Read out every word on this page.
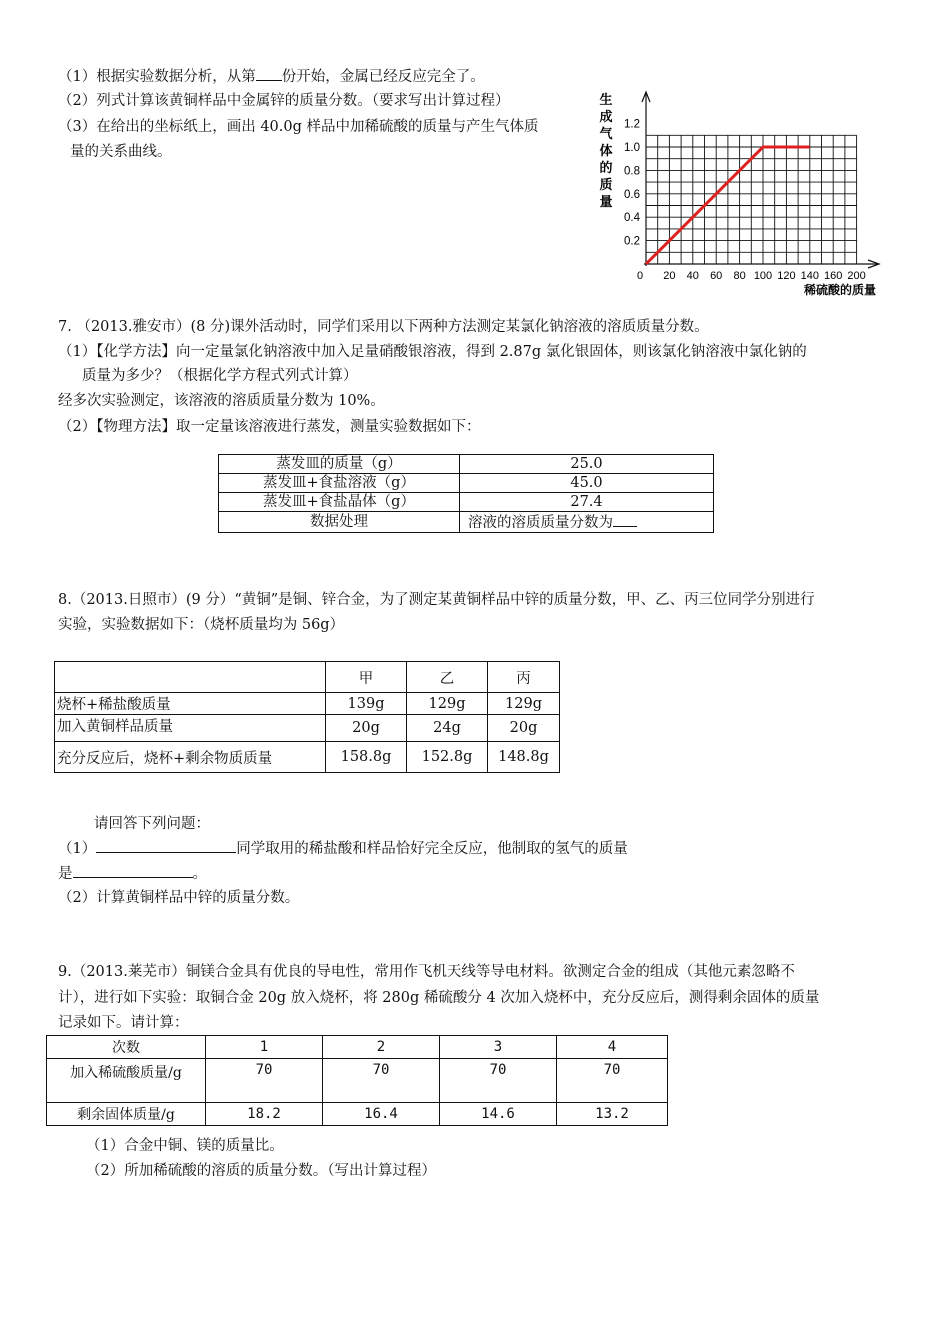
（1）根据实验数据分析，从第 份开始，金属已经反应完全了。
（2）列式计算该黄铜样品中金属锌的质量分数。（要求写出计算过程）
（3）在给出的坐标纸上，画出 40.0g 样品中加稀硫酸的质量与产生气体质
量的关系曲线。
生
成
气
体
的
质
量
0.2
0.4
0.6
0.8
1.0
1.2
0 20 40 60 80 100 120 140 160 200
稀硫酸的质量
7. （2013.雅安市）(8 分)课外活动时，同学们采用以下两种方法测定某氯化钠溶液的溶质质量分数。
（1）【化学方法】向一定量氯化钠溶液中加入足量硝酸银溶液，得到 2.87g 氯化银固体，则该氯化钠溶液中氯化钠的
质量为多少？（根据化学方程式列式计算）
经多次实验测定，该溶液的溶质质量分数为 10%。
（2）【物理方法】取一定量该溶液进行蒸发，测量实验数据如下：
蒸发皿的质量（g）	25.0
蒸发皿+食盐溶液（g）	45.0
蒸发皿+食盐晶体（g）	27.4
数据处理	溶液的溶质质量分数为
8.（2013.日照市）(9 分）“黄铜”是铜、锌合金，为了测定某黄铜样品中锌的质量分数，甲、乙、丙三位同学分别进行
实验，实验数据如下：（烧杯质量均为 56g）
	甲	乙	丙
烧杯+稀盐酸质量	139g	129g	129g
加入黄铜样品质量	20g	24g	20g
充分反应后，烧杯+剩余物质质量	158.8g	152.8g	148.8g
请回答下列问题：
（1）	同学取用的稀盐酸和样品恰好完全反应，他制取的氢气的质量
是	。
（2）计算黄铜样品中锌的质量分数。
9.（2013.莱芜市）铜镁合金具有优良的导电性，常用作飞机天线等导电材料。欲测定合金的组成（其他元素忽略不
计），进行如下实验：取铜合金 20g 放入烧杯，将 280g 稀硫酸分 4 次加入烧杯中，充分反应后，测得剩余固体的质量
记录如下。请计算：
次数	1	2	3	4
加入稀硫酸质量/g	70	70	70	70
剩余固体质量/g	18.2	16.4	14.6	13.2
（1）合金中铜、镁的质量比。
（2）所加稀硫酸的溶质的质量分数。（写出计算过程）
